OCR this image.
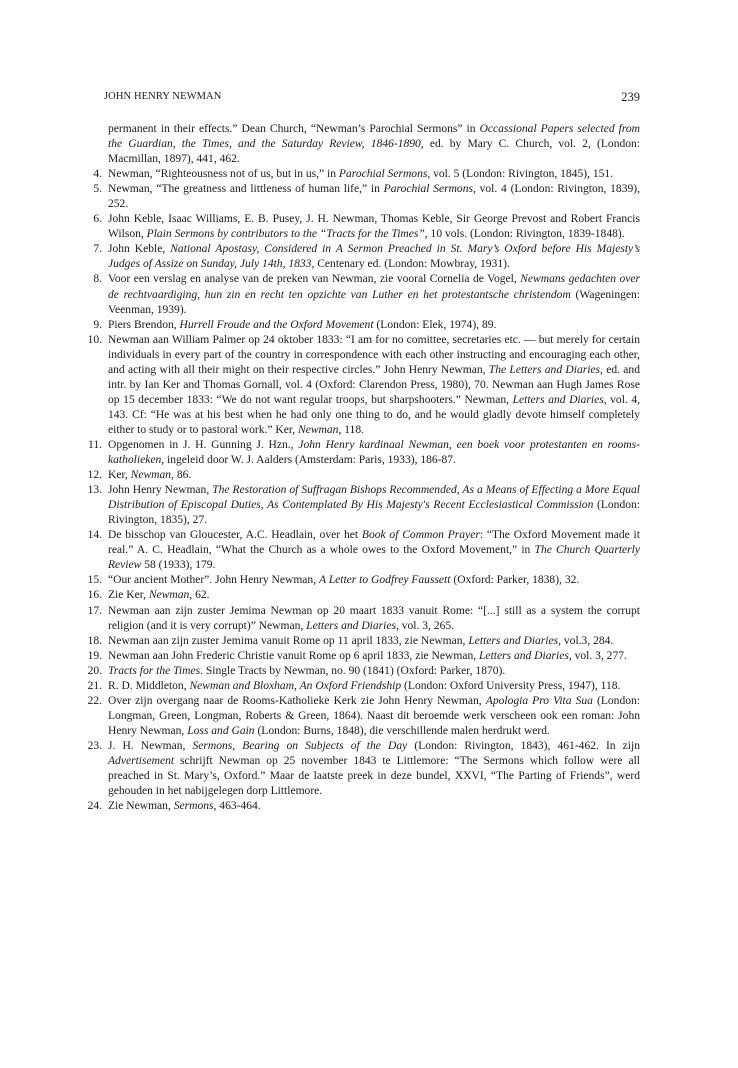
JOHN HENRY NEWMAN	239
permanent in their effects.” Dean Church, “Newman’s Parochial Sermons” in Occassional Papers selected from the Guardian, the Times, and the Saturday Review, 1846-1890, ed. by Mary C. Church, vol. 2, (London: Macmillan, 1897), 441, 462.
4. Newman, “Righteousness not of us, but in us,” in Parochial Sermons, vol. 5 (London: Rivington, 1845), 151.
5. Newman, “The greatness and littleness of human life,” in Parochial Sermons, vol. 4 (London: Rivington, 1839), 252.
6. John Keble, Isaac Williams, E. B. Pusey, J. H. Newman, Thomas Keble, Sir George Prevost and Robert Francis Wilson, Plain Sermons by contributors to the “Tracts for the Times”, 10 vols. (London: Rivington, 1839-1848).
7. John Keble, National Apostasy, Considered in A Sermon Preached in St. Mary’s Oxford before His Majesty’s Judges of Assize on Sunday, July 14th, 1833, Centenary ed. (London: Mowbray, 1931).
8. Voor een verslag en analyse van de preken van Newman, zie vooral Cornelia de Vogel, Newmans gedachten over de rechtvaardiging, hun zin en recht ten opzichte van Luther en het protestantsche christendom (Wageningen: Veenman, 1939).
9. Piers Brendon, Hurrell Froude and the Oxford Movement (London: Elek, 1974), 89.
10. Newman aan William Palmer op 24 oktober 1833: “I am for no comittee, secretaries etc. — but merely for certain individuals in every part of the country in correspondence with each other instructing and encouraging each other, and acting with all their might on their respective circles.” John Henry Newman, The Letters and Diaries, ed. and intr. by Ian Ker and Thomas Gornall, vol. 4 (Oxford: Clarendon Press, 1980), 70. Newman aan Hugh James Rose op 15 december 1833: “We do not want regular troops, but sharpshooters.” Newman, Letters and Diaries, vol. 4, 143. Cf: “He was at his best when he had only one thing to do, and he would gladly devote himself completely either to study or to pastoral work.” Ker, Newman, 118.
11. Opgenomen in J. H. Gunning J. Hzn., John Henry kardinaal Newman, een boek voor protestanten en rooms-katholieken, ingeleid door W. J. Aalders (Amsterdam: Paris, 1933), 186-87.
12. Ker, Newman, 86.
13. John Henry Newman, The Restoration of Suffragan Bishops Recommended, As a Means of Effecting a More Equal Distribution of Episcopal Duties, As Contemplated By His Majesty's Recent Ecclesiastical Commission (London: Rivington, 1835), 27.
14. De bisschop van Gloucester, A.C. Headlain, over het Book of Common Prayer: “The Oxford Movement made it real.” A. C. Headlain, “What the Church as a whole owes to the Oxford Movement,” in The Church Quarterly Review 58 (1933), 179.
15. “Our ancient Mother”. John Henry Newman, A Letter to Godfrey Faussett (Oxford: Parker, 1838), 32.
16. Zie Ker, Newman, 62.
17. Newman aan zijn zuster Jemima Newman op 20 maart 1833 vanuit Rome: “[...] still as a system the corrupt religion (and it is very corrupt)” Newman, Letters and Diaries, vol. 3, 265.
18. Newman aan zijn zuster Jemima vanuit Rome op 11 april 1833, zie Newman, Letters and Diaries, vol.3, 284.
19. Newman aan John Frederic Christie vanuit Rome op 6 april 1833, zie Newman, Letters and Diaries, vol. 3, 277.
20. Tracts for the Times. Single Tracts by Newman, no. 90 (1841) (Oxford: Parker, 1870).
21. R. D. Middleton, Newman and Bloxham, An Oxford Friendship (London: Oxford University Press, 1947), 118.
22. Over zijn overgang naar de Rooms-Katholieke Kerk zie John Henry Newman, Apologia Pro Vita Sua (London: Longman, Green, Longman, Roberts & Green, 1864). Naast dit beroemde werk verscheen ook een roman: John Henry Newman, Loss and Gain (London: Burns, 1848), die verschillende malen herdrukt werd.
23. J. H. Newman, Sermons, Bearing on Subjects of the Day (London: Rivington, 1843), 461-462. In zijn Advertisement schrijft Newman op 25 november 1843 te Littlemore: “The Sermons which follow were all preached in St. Mary’s, Oxford.” Maar de laatste preek in deze bundel, XXVI, “The Parting of Friends”, werd gehouden in het nabijgelegen dorp Littlemore.
24. Zie Newman, Sermons, 463-464.
